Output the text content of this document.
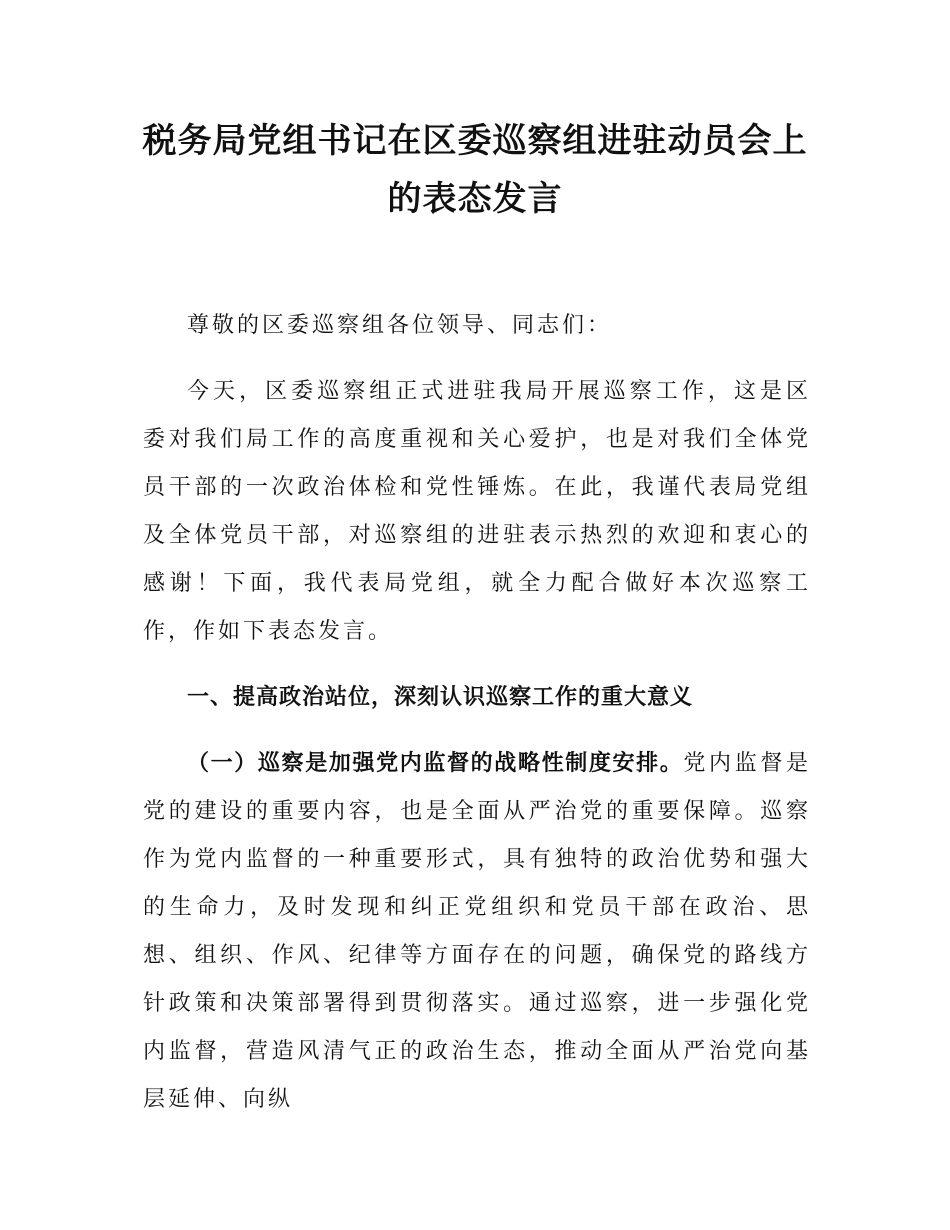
税务局党组书记在区委巡察组进驻动员会上的表态发言

尊敬的区委巡察组各位领导、同志们：

今天，区委巡察组正式进驻我局开展巡察工作，这是区委对我们局工作的高度重视和关心爱护，也是对我们全体党员干部的一次政治体检和党性锤炼。在此，我谨代表局党组及全体党员干部，对巡察组的进驻表示热烈的欢迎和衷心的感谢！下面，我代表局党组，就全力配合做好本次巡察工作，作如下表态发言。

一、提高政治站位，深刻认识巡察工作的重大意义

（一）巡察是加强党内监督的战略性制度安排。党内监督是党的建设的重要内容，也是全面从严治党的重要保障。巡察作为党内监督的一种重要形式，具有独特的政治优势和强大的生命力，及时发现和纠正党组织和党员干部在政治、思想、组织、作风、纪律等方面存在的问题，确保党的路线方针政策和决策部署得到贯彻落实。通过巡察，进一步强化党内监督，营造风清气正的政治生态，推动全面从严治党向基层延伸、向纵
